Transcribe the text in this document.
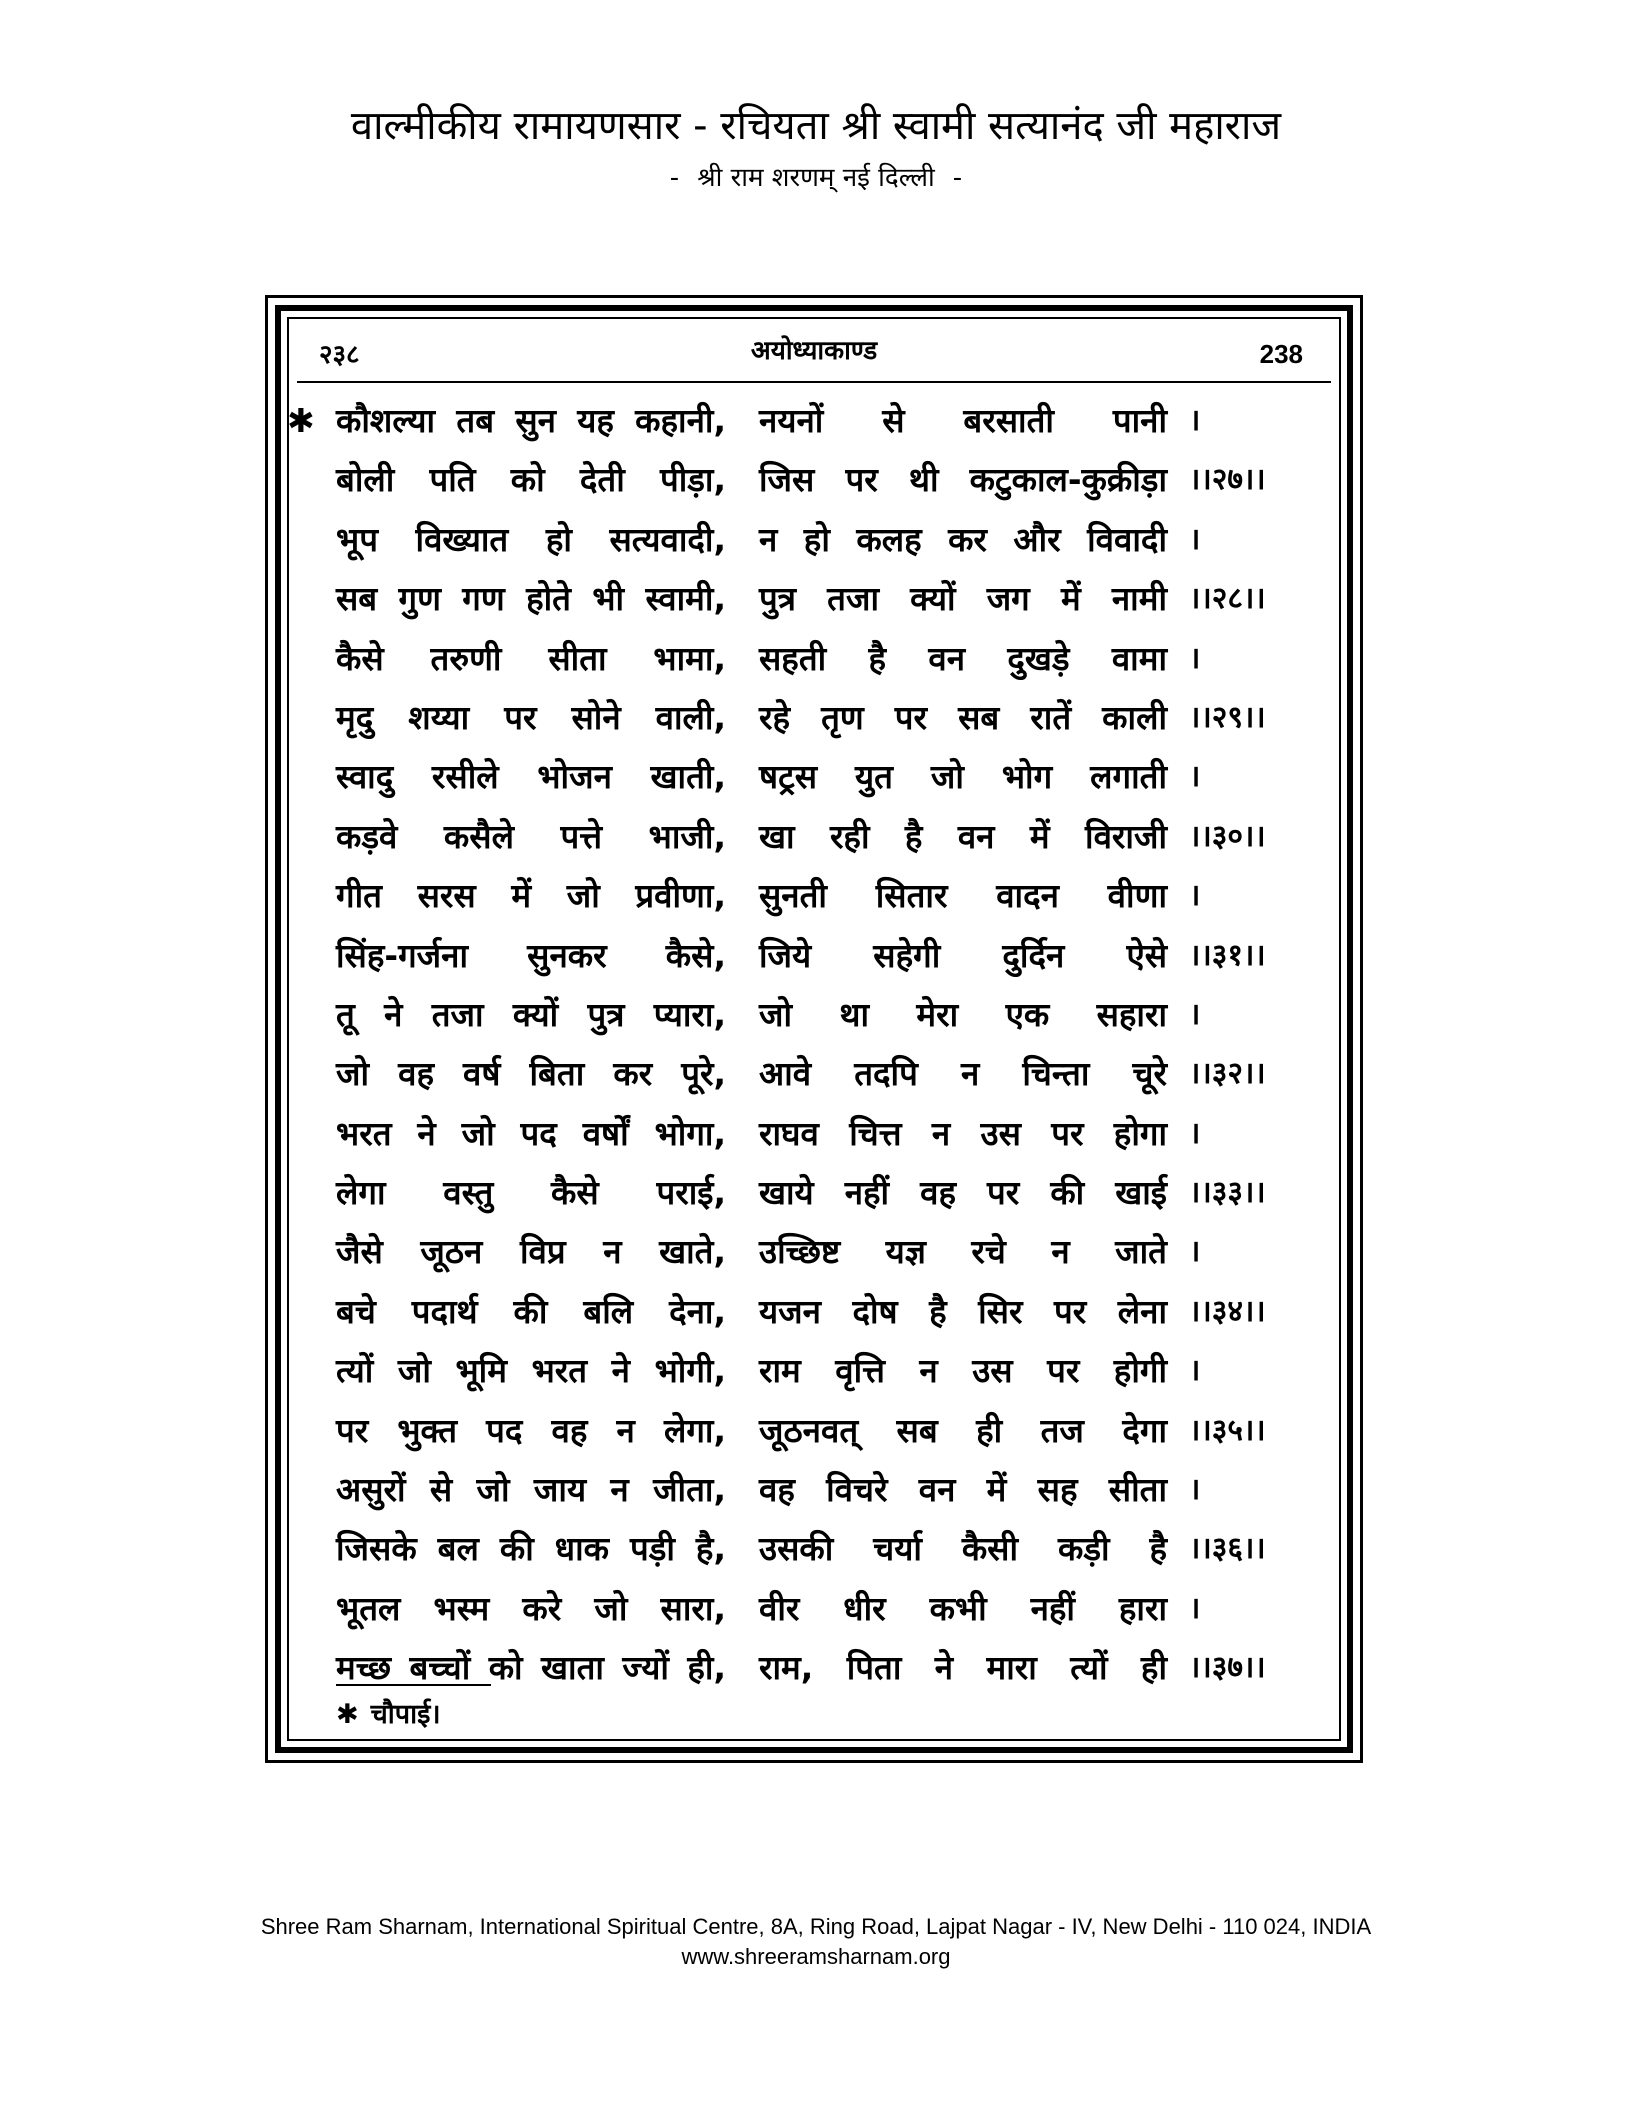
वाल्मीकीय रामायणसार - रचियता श्री स्वामी सत्यानंद जी महाराज
- श्री राम शरणम् नई दिल्ली -
२३८	अयोध्याकाण्ड	238
✱ कौशल्या तब सुन यह कहानी, नयनों से बरसाती पानी ।
बोली पति को देती पीड़ा, जिस पर थी कटुकाल-कुक्रीड़ा ।।२७।।
भूप विख्यात हो सत्यवादी, न हो कलह कर और विवादी ।
सब गुण गण होते भी स्वामी, पुत्र तजा क्यों जग में नामी ।।२८।।
कैसे तरुणी सीता भामा, सहती है वन दुखड़े वामा ।
मृदु शय्या पर सोने वाली, रहे तृण पर सब रातें काली ।।२९।।
स्वादु रसीले भोजन खाती, षट्रस युत जो भोग लगाती ।
कड़वे कसैले पत्ते भाजी, खा रही है वन में विराजी ।।३०।।
गीत सरस में जो प्रवीणा, सुनती सितार वादन वीणा ।
सिंह-गर्जना सुनकर कैसे, जिये सहेगी दुर्दिन ऐसे ।।३१।।
तू ने तजा क्यों पुत्र प्यारा, जो था मेरा एक सहारा ।
जो वह वर्ष बिता कर पूरे, आवे तदपि न चिन्ता चूरे ।।३२।।
भरत ने जो पद वर्षों भोगा, राघव चित्त न उस पर होगा ।
लेगा वस्तु कैसे पराई, खाये नहीं वह पर की खाई ।।३३।।
जैसे जूठन विप्र न खाते, उच्छिष्ट यज्ञ रचे न जाते ।
बचे पदार्थ की बलि देना, यजन दोष है सिर पर लेना ।।३४।।
त्यों जो भूमि भरत ने भोगी, राम वृत्ति न उस पर होगी ।
पर भुक्त पद वह न लेगा, जूठनवत् सब ही तज देगा ।।३५।।
असुरों से जो जाय न जीता, वह विचरे वन में सह सीता ।
जिसके बल की धाक पड़ी है, उसकी चर्या कैसी कड़ी है ।।३६।।
भूतल भस्म करे जो सारा, वीर धीर कभी नहीं हारा ।
मच्छ बच्चों को खाता ज्यों ही, राम, पिता ने मारा त्यों ही ।।३७।।
✱ चौपाई।
Shree Ram Sharnam, International Spiritual Centre, 8A, Ring Road, Lajpat Nagar - IV, New Delhi - 110 024, INDIA
www.shreeramsharnam.org
